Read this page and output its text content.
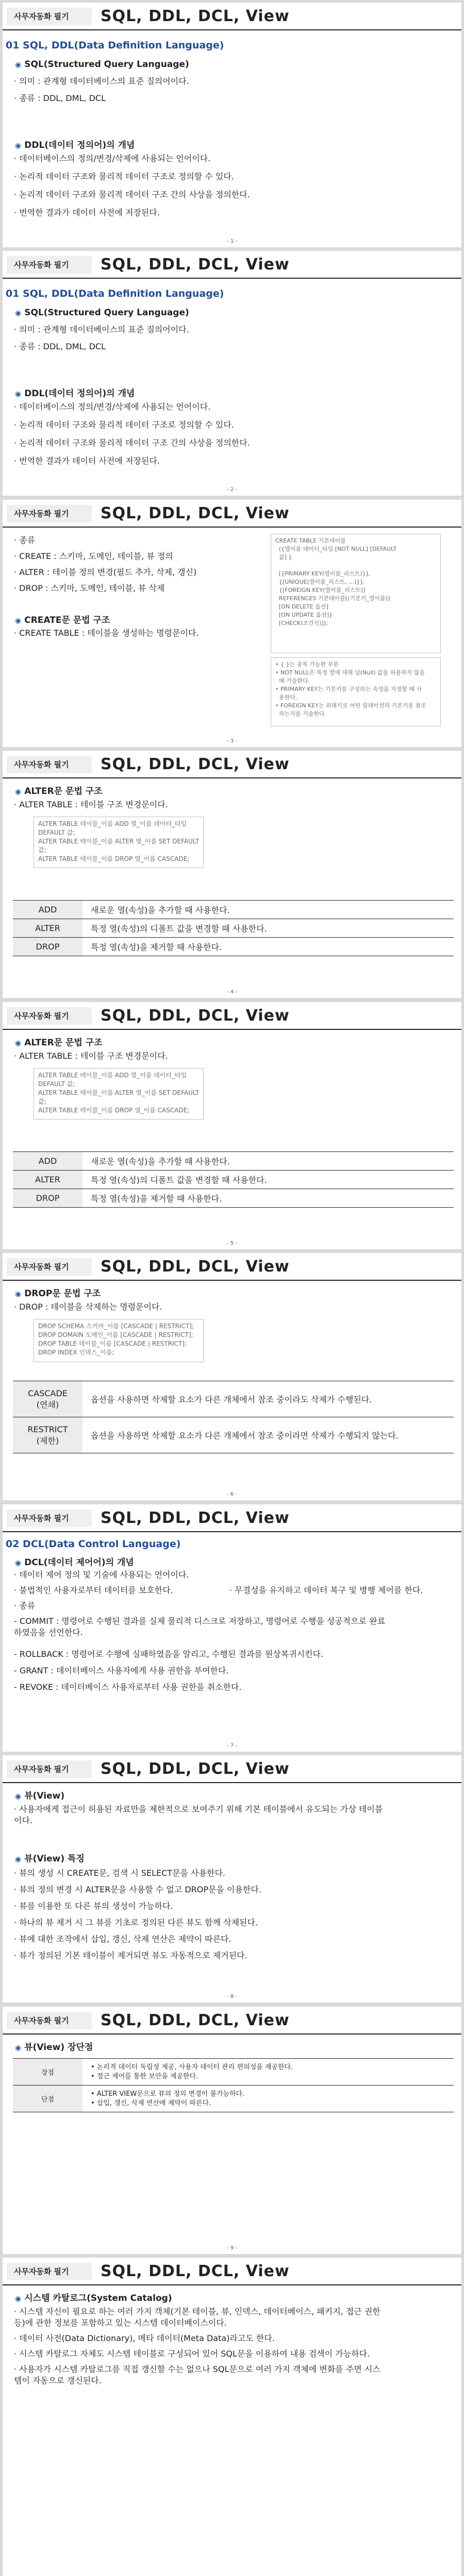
사무자동화 필기	SQL, DDL, DCL, View
01 SQL, DDL(Data Definition Language)
◉ SQL(Structured Query Language)
· 의미 : 관계형 데이터베이스의 표준 질의어이다.
· 종류 : DDL, DML, DCL
◉ DDL(데이터 정의어)의 개념
· 데이터베이스의 정의/변경/삭제에 사용되는 언어이다.
· 논리적 데이터 구조와 물리적 데이터 구조로 정의할 수 있다.
· 논리적 데이터 구조와 물리적 데이터 구조 간의 사상을 정의한다.
· 번역한 결과가 데이터 사전에 저장된다.
- 1 -
사무자동화 필기	SQL, DDL, DCL, View
01 SQL, DDL(Data Definition Language)
◉ SQL(Structured Query Language)
· 의미 : 관계형 데이터베이스의 표준 질의어이다.
· 종류 : DDL, DML, DCL
◉ DDL(데이터 정의어)의 개념
· 데이터베이스의 정의/변경/삭제에 사용되는 언어이다.
· 논리적 데이터 구조와 물리적 데이터 구조로 정의할 수 있다.
· 논리적 데이터 구조와 물리적 데이터 구조 간의 사상을 정의한다.
· 번역한 결과가 데이터 사전에 저장된다.
- 2 -
사무자동화 필기	SQL, DDL, DCL, View
· 종류
· CREATE : 스키마, 도메인, 테이블, 뷰 정의
· ALTER : 테이블 정의 변경(필드 추가, 삭제, 갱신)
· DROP : 스키마, 도메인, 테이블, 뷰 삭제
◉ CREATE문 문법 구조
· CREATE TABLE : 테이블을 생성하는 명령문이다.
CREATE TABLE 기본테이블
({열이름 데이터_타입 [NOT NULL] [DEFAULT
값] }

[{PRIMARY KEY(열이름_리스트)}],
{[UNIQUE(열이름_리스트, …)}],
{[FOREIGN KEY(열이름_리스트)]
REFERENCES 기본테이블[(기본키_열이름)]
[ON DELETE 옵션]
[ON UPDATE 옵션]}
[CHECK(조건식)]);
• { }는 중복 가능한 부분
• NOT NULL은 특정 열에 대해 널(Null) 값을 허용하지 않을
때 기술한다.
• PRIMARY KEY는 기본키를 구성하는 속성을 지정할 때 사
용한다.
• FOREIGN KEY는 외래키로 어떤 릴레이션의 기본키를 참조
하는지를 기술한다.
- 3 -
사무자동화 필기	SQL, DDL, DCL, View
◉ ALTER문 문법 구조
· ALTER TABLE : 테이블 구조 변경문이다.
ALTER TABLE 테이블_이름 ADD 열_이름 데이터_타입
DEFAULT 값;
ALTER TABLE 테이블_이름 ALTER 열_이름 SET DEFAULT
값;
ALTER TABLE 테이블_이름 DROP 열_이름 CASCADE;
ADD	새로운 열(속성)을 추가할 때 사용한다.
ALTER	특정 열(속성)의 디폴트 값을 변경할 때 사용한다.
DROP	특정 열(속성)을 제거할 때 사용한다.
- 4 -
사무자동화 필기	SQL, DDL, DCL, View
◉ ALTER문 문법 구조
· ALTER TABLE : 테이블 구조 변경문이다.
ALTER TABLE 테이블_이름 ADD 열_이름 데이터_타입
DEFAULT 값;
ALTER TABLE 테이블_이름 ALTER 열_이름 SET DEFAULT
값;
ALTER TABLE 테이블_이름 DROP 열_이름 CASCADE;
ADD	새로운 열(속성)을 추가할 때 사용한다.
ALTER	특정 열(속성)의 디폴트 값을 변경할 때 사용한다.
DROP	특정 열(속성)을 제거할 때 사용한다.
- 5 -
사무자동화 필기	SQL, DDL, DCL, View
◉ DROP문 문법 구조
· DROP : 테이블을 삭제하는 명령문이다.
DROP SCHEMA 스키마_이름 [CASCADE | RESTRICT];
DROP DOMAIN 도메인_이름 [CASCADE | RESTRICT];
DROP TABLE 테이블_이름 [CASCADE | RESTRICT];
DROP INDEX 인덱스_이름;
CASCADE
(연쇄)	옵션을 사용하면 삭제할 요소가 다른 개체에서 참조 중이라도 삭제가 수행된다.
RESTRICT
(제한)	옵션을 사용하면 삭제할 요소가 다른 개체에서 참조 중이라면 삭제가 수행되지 않는다.
- 6 -
사무자동화 필기	SQL, DDL, DCL, View
02 DCL(Data Control Language)
◉ DCL(데이터 제어어)의 개념
· 데이터 제어 정의 및 기술에 사용되는 언어이다.
· 불법적인 사용자로부터 데이터를 보호한다.	· 무결성을 유지하고 데이터 복구 및 병행 제어를 한다.
· 종류
- COMMIT : 명령어로 수행된 결과를 실제 물리적 디스크로 저장하고, 명령어로 수행을 성공적으로 완료
하였음을 선언한다.
- ROLLBACK : 명령어로 수행에 실패하였음을 알리고, 수행된 결과를 원상복귀시킨다.
- GRANT : 데이터베이스 사용자에게 사용 권한을 부여한다.
- REVOKE : 데이터베이스 사용자로부터 사용 권한을 취소한다.
- 7 -
사무자동화 필기	SQL, DDL, DCL, View
◉ 뷰(View)
· 사용자에게 접근이 허용된 자료만을 제한적으로 보여주기 위해 기본 테이블에서 유도되는 가상 테이블
이다.
◉ 뷰(View) 특징
· 뷰의 생성 시 CREATE문, 검색 시 SELECT문을 사용한다.
· 뷰의 정의 변경 시 ALTER문을 사용할 수 없고 DROP문을 이용한다.
· 뷰를 이용한 또 다른 뷰의 생성이 가능하다.
· 하나의 뷰 제거 시 그 뷰를 기초로 정의된 다른 뷰도 함께 삭제된다.
· 뷰에 대한 조작에서 삽입, 갱신, 삭제 연산은 제약이 따른다.
· 뷰가 정의된 기본 테이블이 제거되면 뷰도 자동적으로 제거된다.
- 8 -
사무자동화 필기	SQL, DDL, DCL, View
◉ 뷰(View) 장단점
장점	• 논리적 데이터 독립성 제공, 사용자 데이터 관리 편의성을 제공한다.
• 접근 제어를 통한 보안을 제공한다.
단점	• ALTER VIEW문으로 뷰의 정의 변경이 불가능하다.
• 삽입, 갱신, 삭제 연산에 제약이 따른다.
- 9 -
사무자동화 필기	SQL, DDL, DCL, View
◉ 시스템 카탈로그(System Catalog)
· 시스템 자신이 필요로 하는 여러 가지 객체(기본 테이블, 뷰, 인덱스, 데이터베이스, 패키지, 접근 권한
등)에 관한 정보를 포함하고 있는 시스템 데이터베이스이다.
· 데이터 사전(Data Dictionary), 메타 데이터(Meta Data)라고도 한다.
· 시스템 카탈로그 자체도 시스템 테이블로 구성되어 있어 SQL문을 이용하여 내용 검색이 가능하다.
· 사용자가 시스템 카탈로그를 직접 갱신할 수는 없으나 SQL문으로 여러 가지 객체에 변화를 주면 시스
템이 자동으로 갱신된다.
